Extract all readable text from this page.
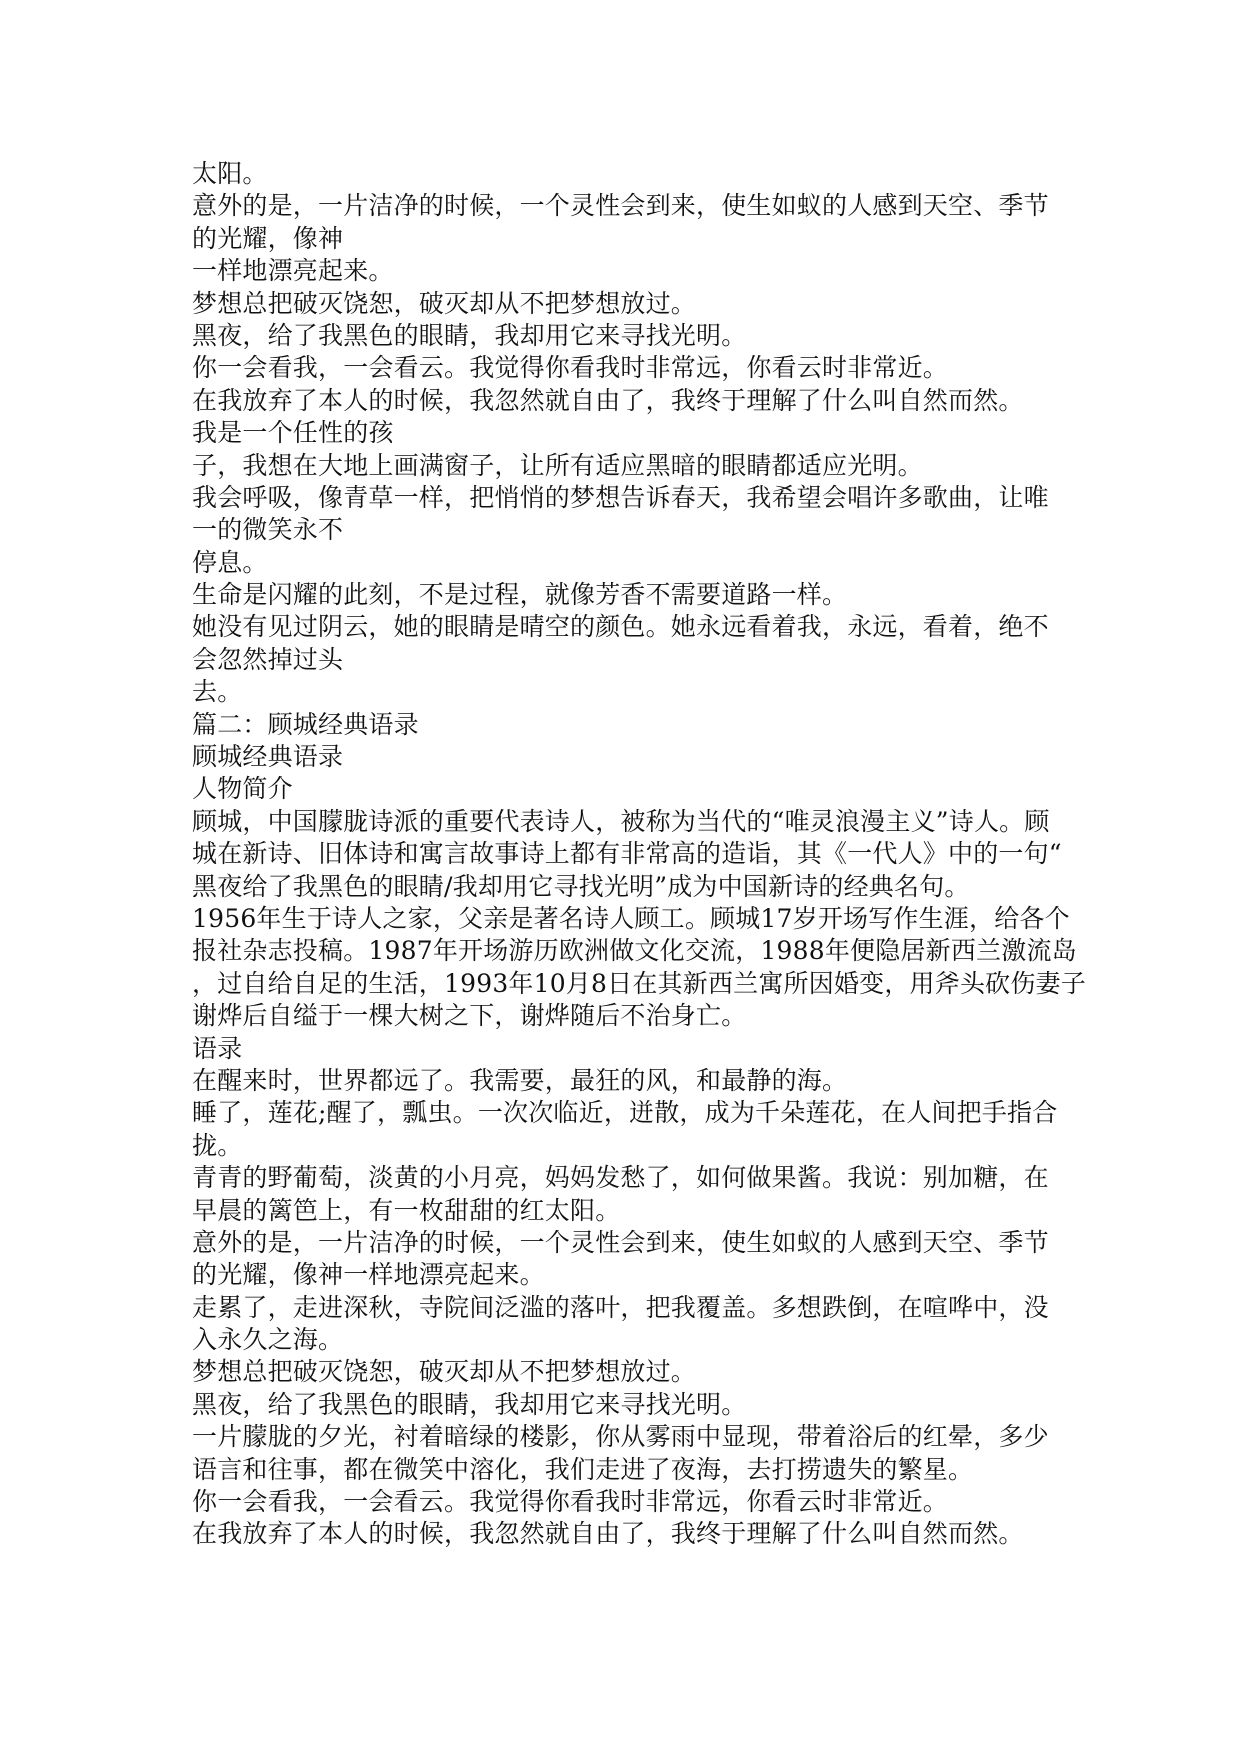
太阳。
意外的是，一片洁净的时候，一个灵性会到来，使生如蚁的人感到天空、季节
的光耀，像神
一样地漂亮起来。
梦想总把破灭饶恕，破灭却从不把梦想放过。
黑夜，给了我黑色的眼睛，我却用它来寻找光明。
你一会看我，一会看云。我觉得你看我时非常远，你看云时非常近。
在我放弃了本人的时候，我忽然就自由了，我终于理解了什么叫自然而然。
我是一个任性的孩
子，我想在大地上画满窗子，让所有适应黑暗的眼睛都适应光明。
我会呼吸，像青草一样，把悄悄的梦想告诉春天，我希望会唱许多歌曲，让唯
一的微笑永不
停息。
生命是闪耀的此刻，不是过程，就像芳香不需要道路一样。
她没有见过阴云，她的眼睛是晴空的颜色。她永远看着我，永远，看着，绝不
会忽然掉过头
去。
篇二：顾城经典语录
顾城经典语录
人物简介
顾城，中国朦胧诗派的重要代表诗人，被称为当代的“唯灵浪漫主义”诗人。顾
城在新诗、旧体诗和寓言故事诗上都有非常高的造诣，其《一代人》中的一句“
黑夜给了我黑色的眼睛/我却用它寻找光明”成为中国新诗的经典名句。
1956年生于诗人之家，父亲是著名诗人顾工。顾城17岁开场写作生涯，给各个
报社杂志投稿。1987年开场游历欧洲做文化交流，1988年便隐居新西兰激流岛
，过自给自足的生活，1993年10月8日在其新西兰寓所因婚变，用斧头砍伤妻子
谢烨后自缢于一棵大树之下，谢烨随后不治身亡。
语录
在醒来时，世界都远了。我需要，最狂的风，和最静的海。
睡了，莲花;醒了，瓢虫。一次次临近，迸散，成为千朵莲花，在人间把手指合
拢。
青青的野葡萄，淡黄的小月亮，妈妈发愁了，如何做果酱。我说：别加糖，在
早晨的篱笆上，有一枚甜甜的红太阳。
意外的是，一片洁净的时候，一个灵性会到来，使生如蚁的人感到天空、季节
的光耀，像神一样地漂亮起来。
走累了，走进深秋，寺院间泛滥的落叶，把我覆盖。多想跌倒，在喧哗中，没
入永久之海。
梦想总把破灭饶恕，破灭却从不把梦想放过。
黑夜，给了我黑色的眼睛，我却用它来寻找光明。
一片朦胧的夕光，衬着暗绿的楼影，你从雾雨中显现，带着浴后的红晕，多少
语言和往事，都在微笑中溶化，我们走进了夜海，去打捞遗失的繁星。
你一会看我，一会看云。我觉得你看我时非常远，你看云时非常近。
在我放弃了本人的时候，我忽然就自由了，我终于理解了什么叫自然而然。
